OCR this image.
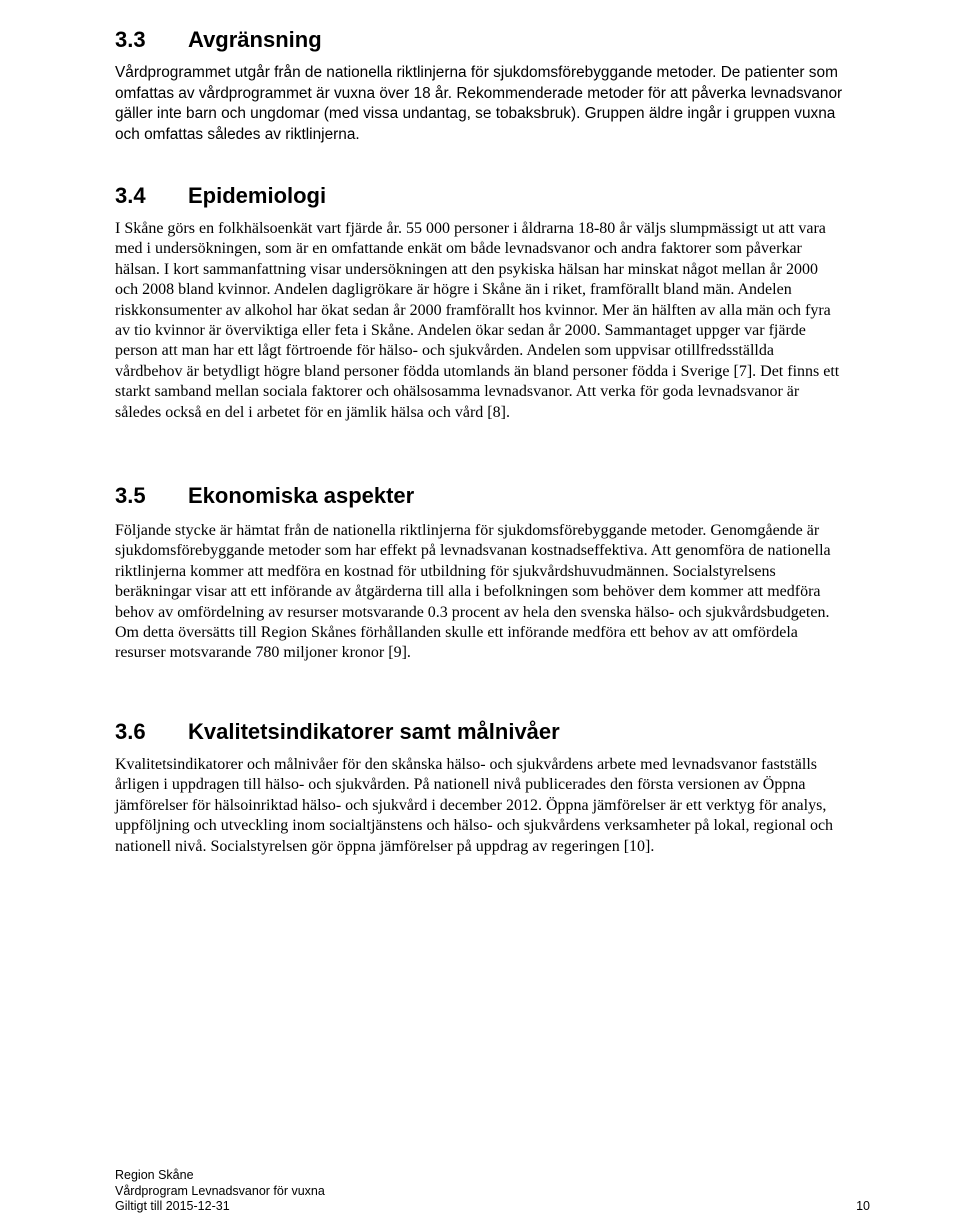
3.3 Avgränsning

Vårdprogrammet utgår från de nationella riktlinjerna för sjukdomsförebyggande metoder. De patienter som omfattas av vårdprogrammet är vuxna över 18 år. Rekommenderade metoder för att påverka levnadsvanor gäller inte barn och ungdomar (med vissa undantag, se tobaksbruk). Gruppen äldre ingår i gruppen vuxna och omfattas således av riktlinjerna.

3.4 Epidemiologi

I Skåne görs en folkhälsoenkät vart fjärde år. 55 000 personer i åldrarna 18-80 år väljs slumpmässigt ut att vara med i undersökningen, som är en omfattande enkät om både levnadsvanor och andra faktorer som påverkar hälsan. I kort sammanfattning visar undersökningen att den psykiska hälsan har minskat något mellan år 2000 och 2008 bland kvinnor. Andelen dagligrökare är högre i Skåne än i riket, framförallt bland män. Andelen riskkonsumenter av alkohol har ökat sedan år 2000 framförallt hos kvinnor. Mer än hälften av alla män och fyra av tio kvinnor är överviktiga eller feta i Skåne. Andelen ökar sedan år 2000. Sammantaget uppger var fjärde person att man har ett lågt förtroende för hälso- och sjukvården. Andelen som uppvisar otillfredsställda vårdbehov är betydligt högre bland personer födda utomlands än bland personer födda i Sverige [7]. Det finns ett starkt samband mellan sociala faktorer och ohälsosamma levnadsvanor. Att verka för goda levnadsvanor är således också en del i arbetet för en jämlik hälsa och vård [8].

3.5 Ekonomiska aspekter

Följande stycke är hämtat från de nationella riktlinjerna för sjukdomsförebyggande metoder. Genomgående är sjukdomsförebyggande metoder som har effekt på levnadsvanan kostnadseffektiva. Att genomföra de nationella riktlinjerna kommer att medföra en kostnad för utbildning för sjukvårdshuvudmännen. Socialstyrelsens beräkningar visar att ett införande av åtgärderna till alla i befolkningen som behöver dem kommer att medföra behov av omfördelning av resurser motsvarande 0.3 procent av hela den svenska hälso- och sjukvårdsbudgeten. Om detta översätts till Region Skånes förhållanden skulle ett införande medföra ett behov av att omfördela resurser motsvarande 780 miljoner kronor [9].

3.6 Kvalitetsindikatorer samt målnivåer

Kvalitetsindikatorer och målnivåer för den skånska hälso- och sjukvårdens arbete med levnadsvanor fastställs årligen i uppdragen till hälso- och sjukvården. På nationell nivå publicerades den första versionen av Öppna jämförelser för hälsoinriktad hälso- och sjukvård i december 2012. Öppna jämförelser är ett verktyg för analys, uppföljning och utveckling inom socialtjänstens och hälso- och sjukvårdens verksamheter på lokal, regional och nationell nivå. Socialstyrelsen gör öppna jämförelser på uppdrag av regeringen [10].

Region Skåne
Vårdprogram Levnadsvanor för vuxna
Giltigt till 2015-12-31	10
